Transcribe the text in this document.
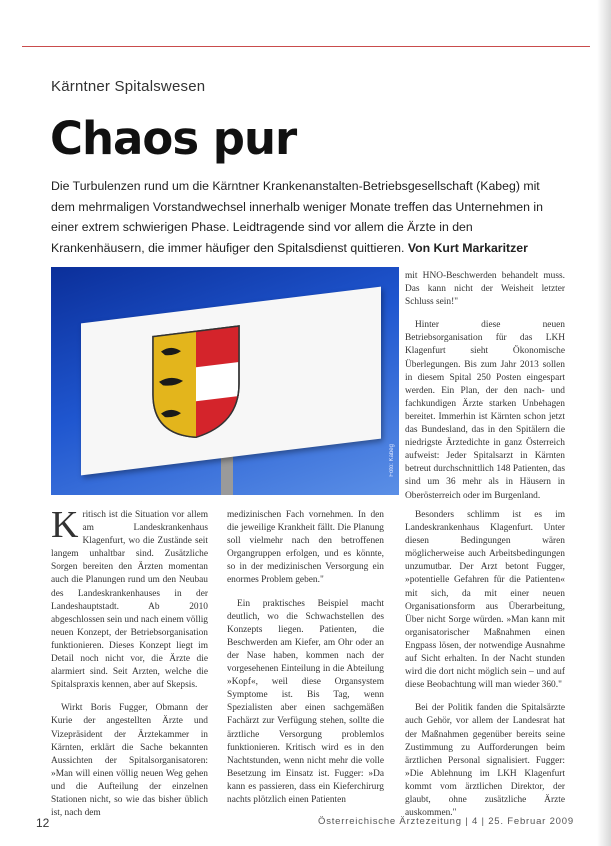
Kärntner Spitalswesen
Chaos pur
Die Turbulenzen rund um die Kärntner Krankenanstalten-Betriebsgesellschaft (Kabeg) mit dem mehrmaligen Vorstandwechsel innerhalb weniger Monate treffen das Unternehmen in einer extrem schwierigen Phase. Leidtragende sind vor allem die Ärzte in den Krankenhäusern, die immer häufiger den Spitalsdienst quittieren. Von Kurt Markaritzer
Foto: Kabeg

mit HNO-Beschwerden behandelt muss. Das kann nicht der Weisheit letzter Schluss sein!"

Hinter diese neuen Betriebsorganisation für das LKH Klagenfurt sieht Ökonomische Überlegungen. Bis zum Jahr 2013 sollen in diesem Spital 250 Posten eingespart werden. Ein Plan, der den nach- und fachkundigen Ärzte starken Unbehagen bereitet. Immerhin ist Kärnten schon jetzt das Bundesland, das in den Spitälern die niedrigste Ärztedichte in ganz Österreich aufweist: Jeder Spitalsarzt in Kärnten betreut durchschnittlich 148 Patienten, das sind um 36 mehr als in Häusern in Oberösterreich oder im Burgenland.

Kritisch ist die Situation vor allem am Landeskrankenhaus Klagenfurt, wo die Zustände seit langem unhaltbar sind. Zusätzliche Sorgen bereiten den Ärzten momentan auch die Planungen rund um den Neubau des Landeskrankenhauses in der Landeshauptstadt. Ab 2010 abgeschlossen sein und nach einem völlig neuen Konzept, der Betriebsorganisation funktionieren. Dieses Konzept liegt im Detail noch nicht vor, die Ärzte die alarmiert sind. Seit Arzten, welche die Spitalspraxis kennen, aber auf Skepsis.

Wirkt Boris Fugger, Obmann der Kurie der angestellten Ärzte und Vizepräsident der Ärztekammer in Kärnten, erklärt die Sache bekannten Aussichten der Spitalsorganisatoren: »Man will einen völlig neuen Weg gehen und die Aufteilung der einzelnen Stationen nicht, so wie das bisher üblich ist, nach dem

medizinischen Fach vornehmen. In den die jeweilige Krankheit fällt. Die Planung soll vielmehr nach den betroffenen Organgruppen erfolgen, und es könnte, so in der medizinischen Versorgung ein enormes Problem geben."

Ein praktisches Beispiel macht deutlich, wo die Schwachstellen des Konzepts liegen. Patienten, die Beschwerden am Kiefer, am Ohr oder an der Nase haben, kommen nach der vorgesehenen Einteilung in die Abteilung »Kopf«, weil diese Organsystem Symptome ist. Bis Tag, wenn Spezialisten aber einen sachgemäßen Fachärzt zur Verfügung stehen, sollte die ärztliche Versorgung problemlos funktionieren. Kritisch wird es in den Nachtstunden, wenn nicht mehr die volle Besetzung im Einsatz ist. Fugger: »Da kann es passieren, dass ein Kieferchirurg nachts plötzlich einen Patienten

Besonders schlimm ist es im Landeskrankenhaus Klagenfurt. Unter diesen Bedingungen wären möglicherweise auch Arbeitsbedingungen unzumutbar. Der Arzt betont Fugger, »potentielle Gefahren für die Patienten« mit sich, da mit einer neuen Organisationsform aus Überarbeitung, Über nicht Sorge würden. »Man kann mit organisatorischer Maßnahmen einen Engpass lösen, der notwendige Ausnahme auf Sicht erhalten. In der Nacht stunden wird die dort nicht möglich sein – und auf diese Beobachtung will man wieder 360."

Bei der Politik fanden die Spitalsärzte auch Gehör, vor allem der Landesrat hat der Maßnahmen gegenüber bereits seine Zustimmung zu Aufforderungen beim ärztlichen Personal signalisiert. Fugger: »Die Ablehnung im LKH Klagenfurt kommt vom ärztlichen Direktor, der glaubt, ohne zusätzliche Ärzte auskommen."

12	Österreichische Ärztezeitung | 4 | 25. Februar 2009
